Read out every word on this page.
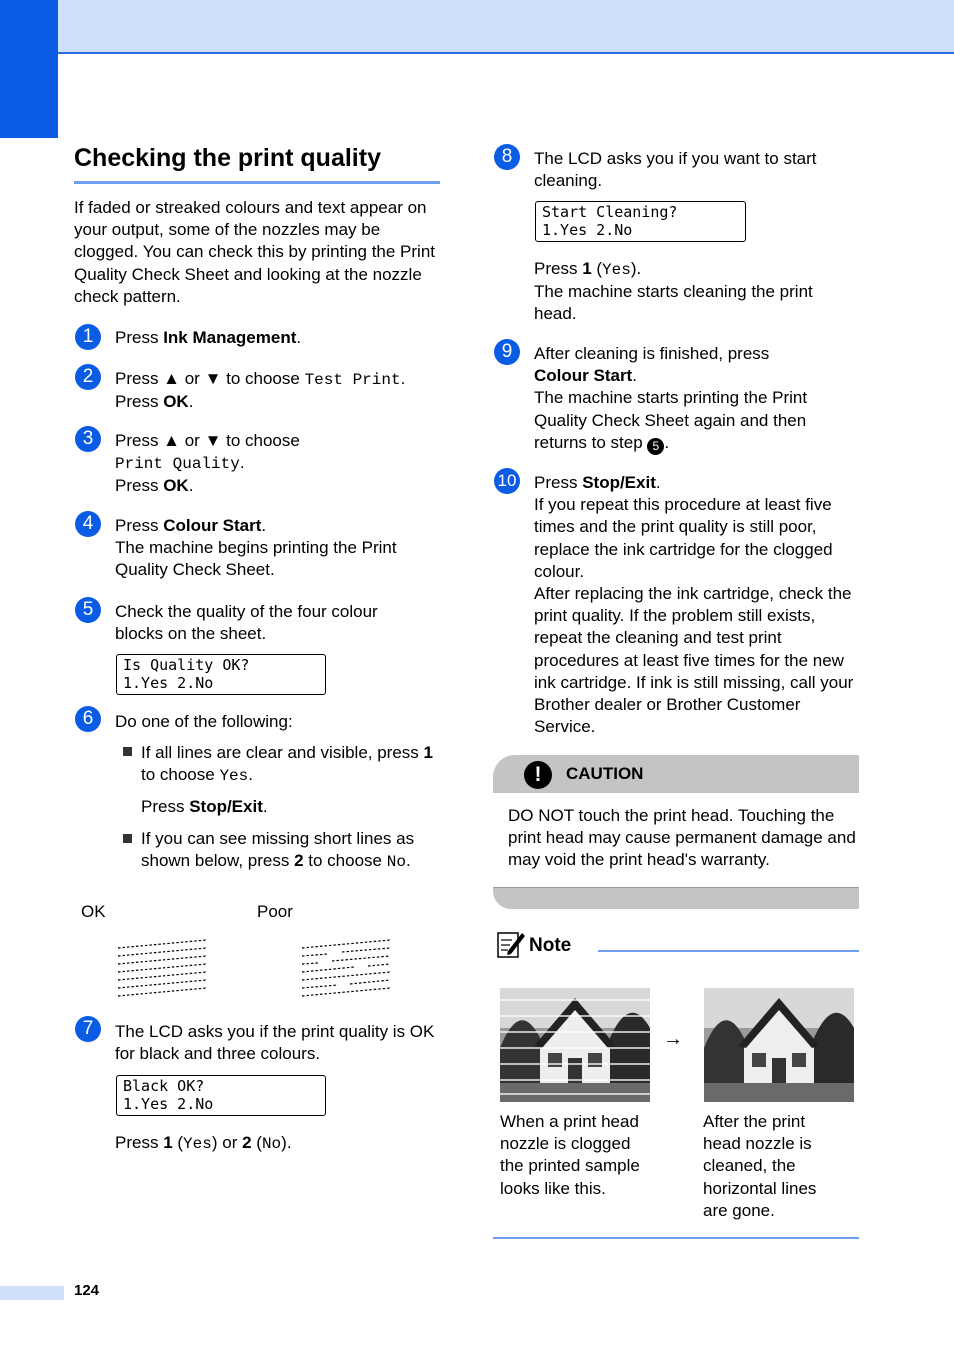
Checking the print quality
If faded or streaked colours and text appear on your output, some of the nozzles may be clogged. You can check this by printing the Print Quality Check Sheet and looking at the nozzle check pattern.
1	Press Ink Management.
2	Press ▲ or ▼ to choose Test Print.
Press OK.
3	Press ▲ or ▼ to choose
Print Quality.
Press OK.
4	Press Colour Start.
The machine begins printing the Print Quality Check Sheet.
5	Check the quality of the four colour blocks on the sheet.
Is Quality OK?
1.Yes 2.No
6	Do one of the following:
If all lines are clear and visible, press 1 to choose Yes.
Press Stop/Exit.
If you can see missing short lines as shown below, press 2 to choose No.
OK	Poor
7	The LCD asks you if the print quality is OK for black and three colours.
Black OK?
1.Yes 2.No
Press 1 (Yes) or 2 (No).
8	The LCD asks you if you want to start cleaning.
Start Cleaning?
1.Yes 2.No
Press 1 (Yes).
The machine starts cleaning the print head.
9	After cleaning is finished, press
Colour Start.
The machine starts printing the Print Quality Check Sheet again and then returns to step 5 .
10 Press Stop/Exit.
If you repeat this procedure at least five times and the print quality is still poor, replace the ink cartridge for the clogged colour.
After replacing the ink cartridge, check the print quality. If the problem still exists, repeat the cleaning and test print procedures at least five times for the new ink cartridge. If ink is still missing, call your Brother dealer or Brother Customer Service.
!	CAUTION
DO NOT touch the print head. Touching the print head may cause permanent damage and may void the print head's warranty.
Note
→
When a print head nozzle is clogged the printed sample looks like this.
After the print head nozzle is cleaned, the horizontal lines are gone.
124
